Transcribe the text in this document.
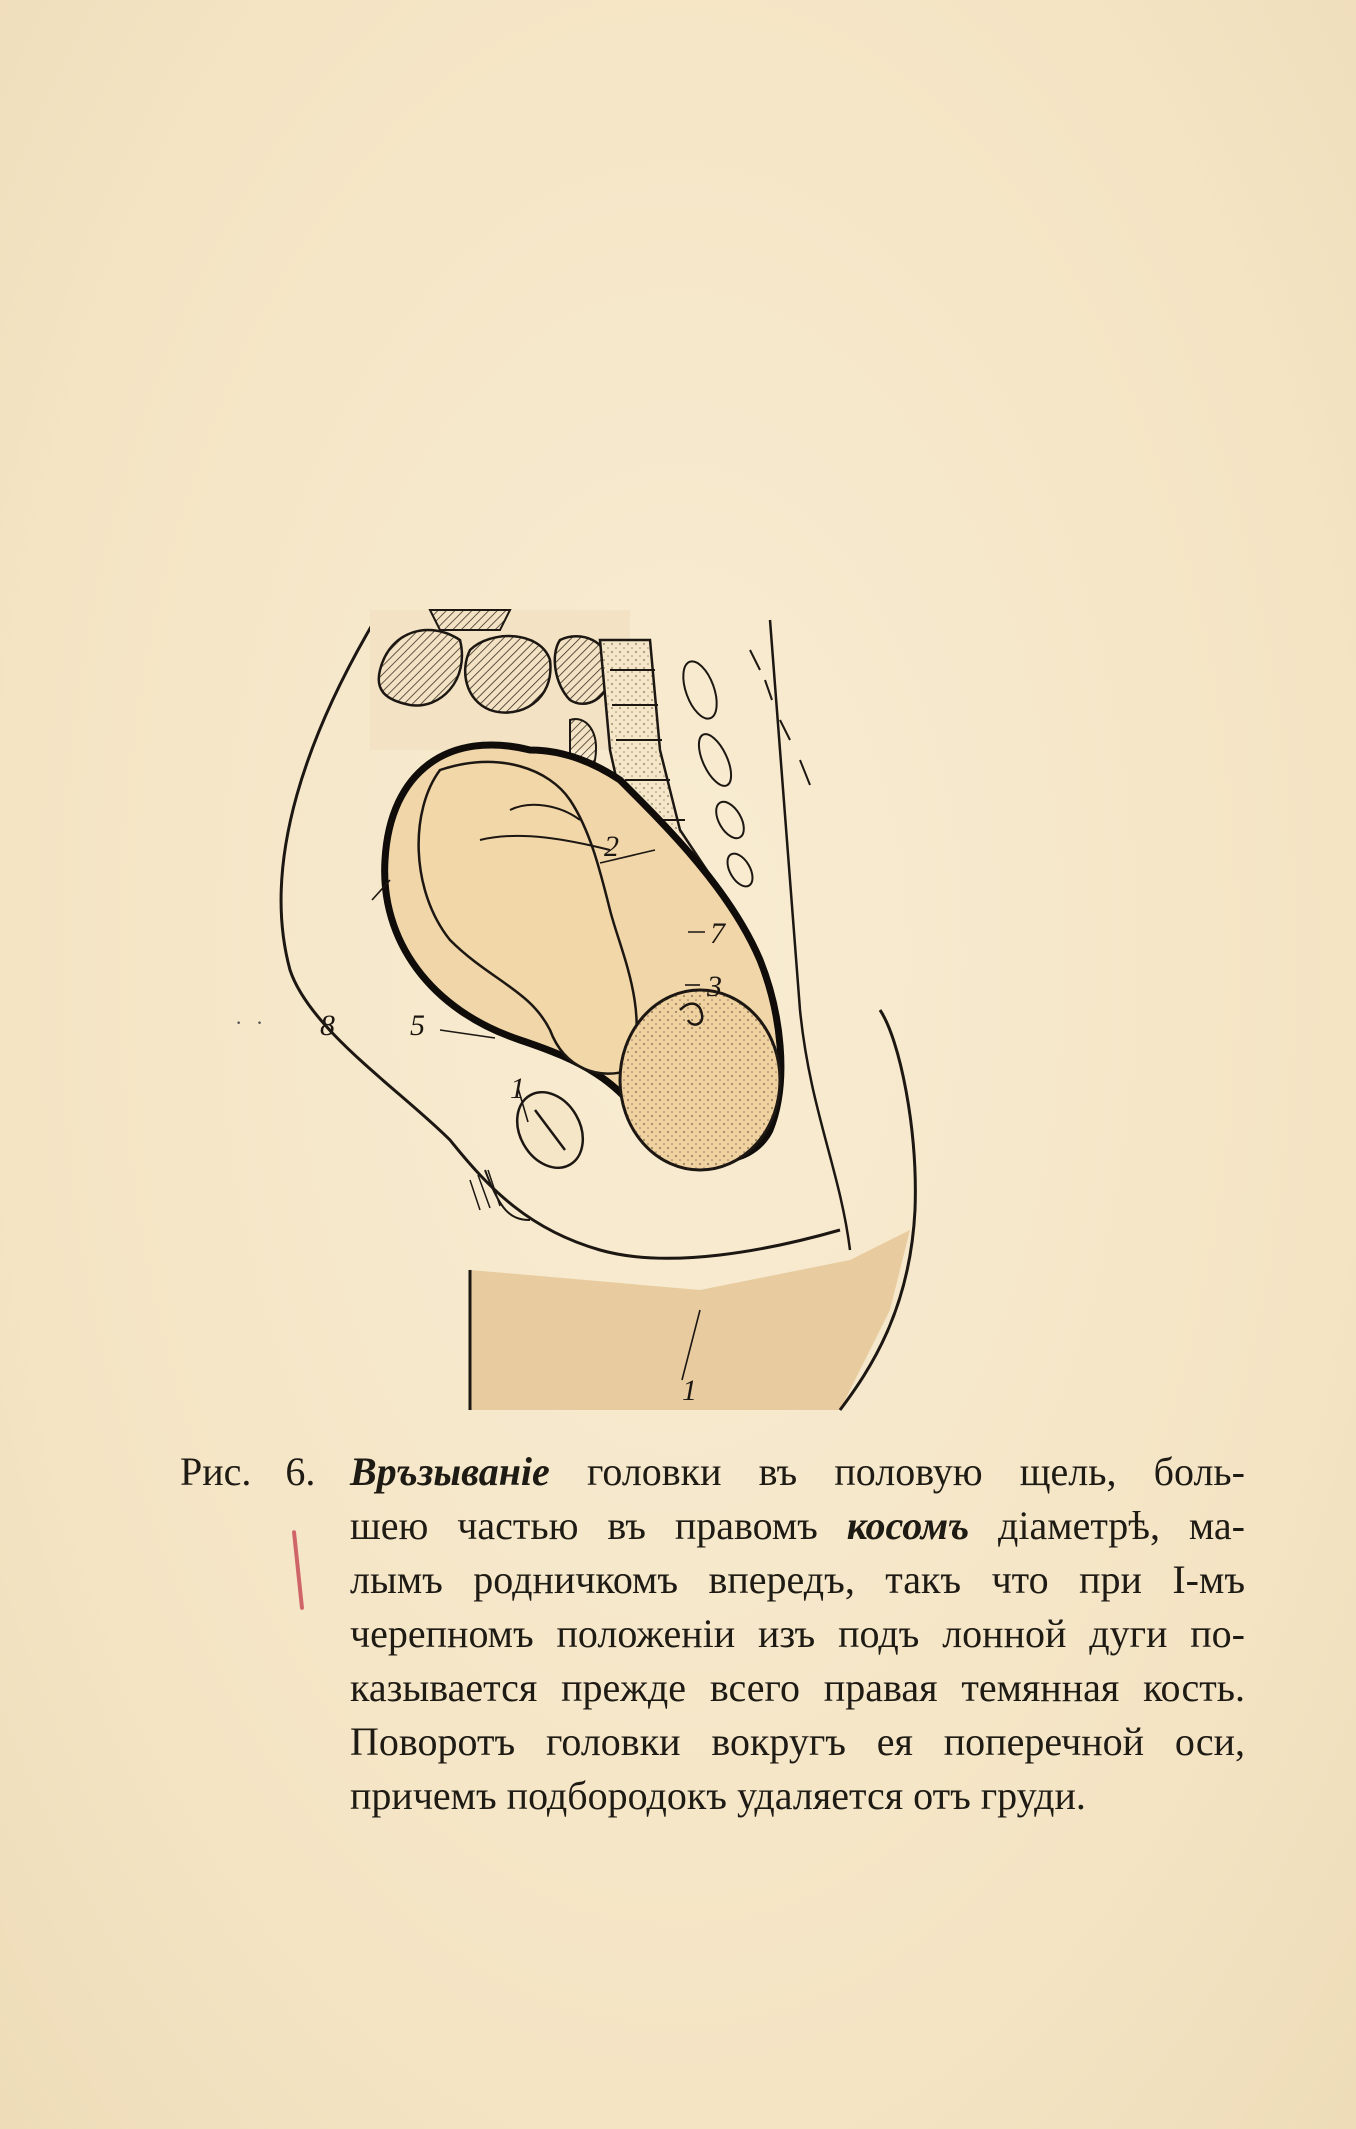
· ·
2
7
3
8	5
1
1
Рис. 6. Връзываніе головки въ половую щель, боль-
шею частью въ правомъ косомъ діаметрѣ, ма-
лымъ родничкомъ впередъ, такъ что при І-мъ
черепномъ положеніи изъ подъ лонной дуги по-
казывается прежде всего правая темянная кость.
Поворотъ головки вокругъ ея поперечной оси,
причемъ подбородокъ удаляется отъ груди.
